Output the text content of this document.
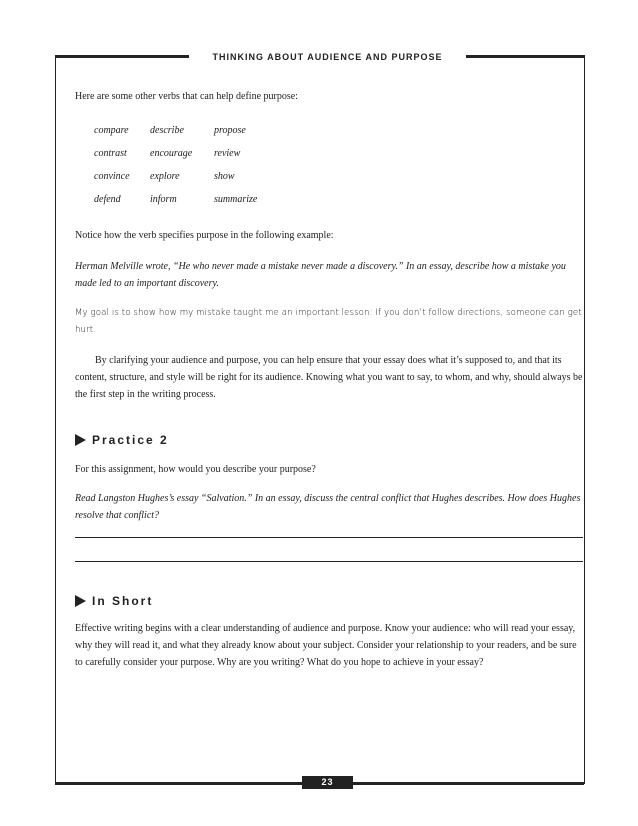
THINKING ABOUT AUDIENCE AND PURPOSE

Here are some other verbs that can help define purpose:

compare	describe	propose
contrast	encourage	review
convince	explore	show
defend	inform	summarize

Notice how the verb specifies purpose in the following example:

Herman Melville wrote, “He who never made a mistake never made a discovery.” In an essay, describe how a mistake you made led to an important discovery.

My goal is to show how my mistake taught me an important lesson: If you don’t follow directions, someone can get hurt.

By clarifying your audience and purpose, you can help ensure that your essay does what it’s supposed to, and that its content, structure, and style will be right for its audience. Knowing what you want to say, to whom, and why, should always be the first step in the writing process.

Practice 2

For this assignment, how would you describe your purpose?

Read Langston Hughes’s essay “Salvation.” In an essay, discuss the central conflict that Hughes describes. How does Hughes resolve that conflict?

In Short

Effective writing begins with a clear understanding of audience and purpose. Know your audience: who will read your essay, why they will read it, and what they already know about your subject. Consider your relationship to your readers, and be sure to carefully consider your purpose. Why are you writing? What do you hope to achieve in your essay?

23
